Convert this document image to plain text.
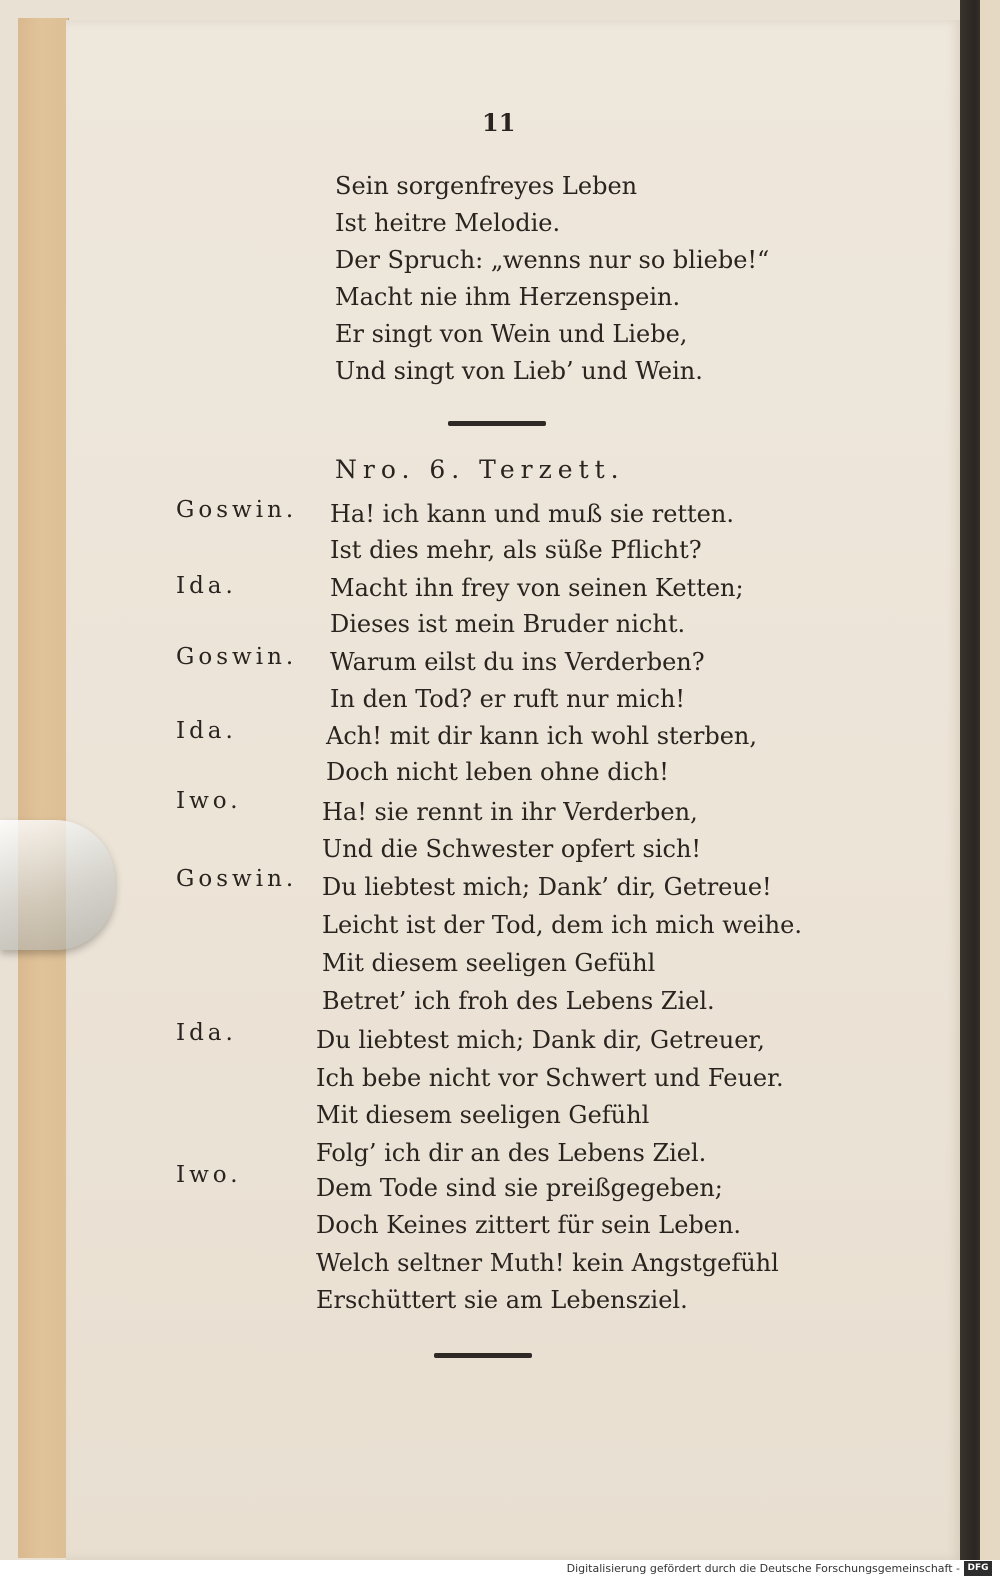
11
Sein sorgenfreyes Leben
Ist heitre Melodie.
Der Spruch: „wenns nur so bliebe!“
Macht nie ihm Herzenspein.
Er singt von Wein und Liebe,
Und singt von Lieb’ und Wein.
Nro. 6. Terzett.
Goswin. Ha! ich kann und muß sie retten.
Ist dies mehr, als süße Pflicht?
Ida.	Macht ihn frey von seinen Ketten;
Dieses ist mein Bruder nicht.
Goswin. Warum eilst du ins Verderben?
In den Tod? er ruft nur mich!
Ida.	Ach! mit dir kann ich wohl sterben,
Doch nicht leben ohne dich!
Iwo.	Ha! sie rennt in ihr Verderben,
Und die Schwester opfert sich!
Goswin. Du liebtest mich; Dank’ dir, Getreue!
Leicht ist der Tod, dem ich mich weihe.
Mit diesem seeligen Gefühl
Betret’ ich froh des Lebens Ziel.
Ida.	Du liebtest mich; Dank dir, Getreuer,
Ich bebe nicht vor Schwert und Feuer.
Mit diesem seeligen Gefühl
Folg’ ich dir an des Lebens Ziel.
Iwo.	Dem Tode sind sie preißgegeben;
Doch Keines zittert für sein Leben.
Welch seltner Muth! kein Angstgefühl
Erschüttert sie am Lebensziel.
Digitalisierung gefördert durch die Deutsche Forschungsgemeinschaft - DFG
